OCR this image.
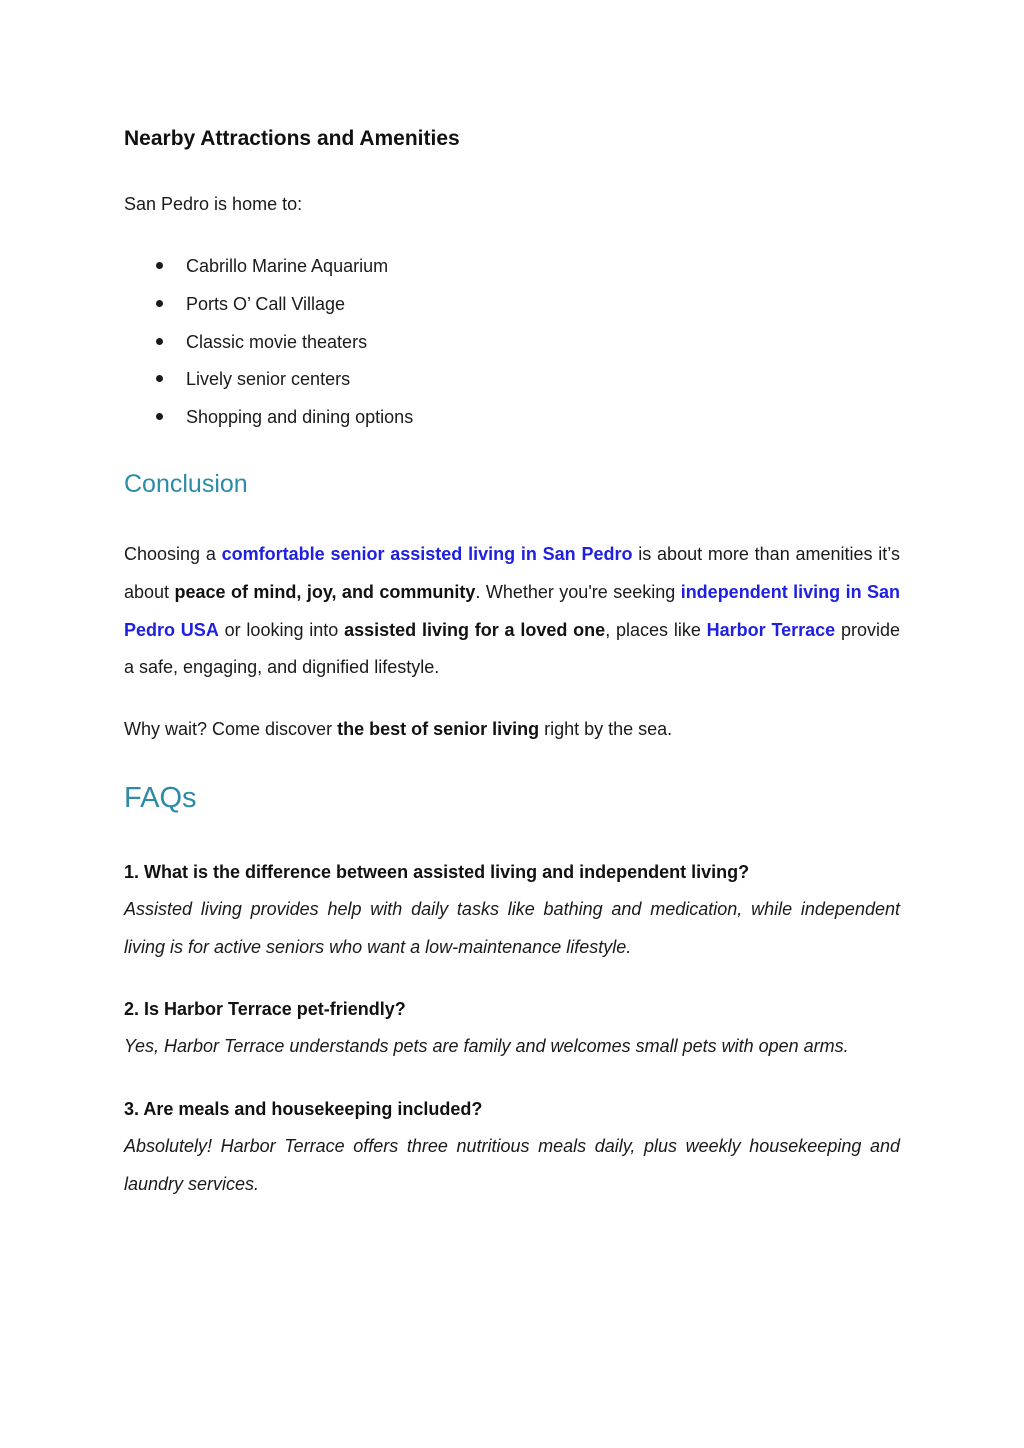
Nearby Attractions and Amenities

San Pedro is home to:

Cabrillo Marine Aquarium
Ports O’ Call Village
Classic movie theaters
Lively senior centers
Shopping and dining options
Conclusion

Choosing a comfortable senior assisted living in San Pedro is about more than amenities it’s about peace of mind, joy, and community. Whether you're seeking independent living in San Pedro USA or looking into assisted living for a loved one, places like Harbor Terrace provide a safe, engaging, and dignified lifestyle.

Why wait? Come discover the best of senior living right by the sea.

FAQs

1. What is the difference between assisted living and independent living?

Assisted living provides help with daily tasks like bathing and medication, while independent living is for active seniors who want a low-maintenance lifestyle.

2. Is Harbor Terrace pet-friendly?

Yes, Harbor Terrace understands pets are family and welcomes small pets with open arms.

3. Are meals and housekeeping included?

Absolutely! Harbor Terrace offers three nutritious meals daily, plus weekly housekeeping and laundry services.
